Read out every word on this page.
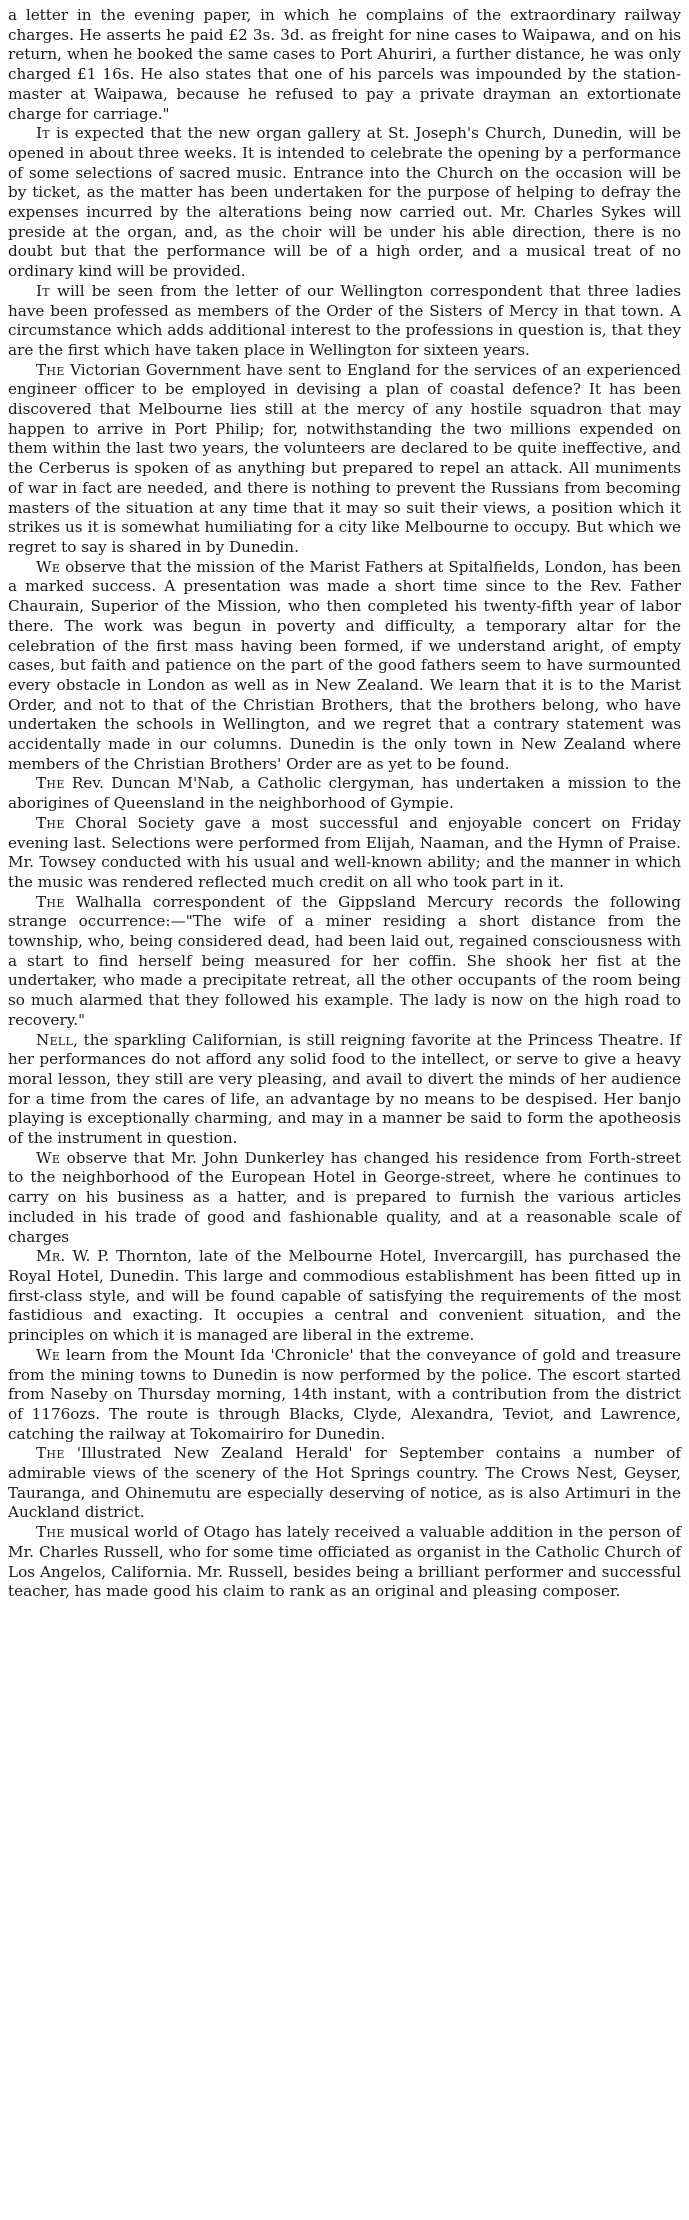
a letter in the evening paper, in which he complains of the extraordinary railway charges. He asserts he paid £2 3s. 3d. as freight for nine cases to Waipawa, and on his return, when he booked the same cases to Port Ahuriri, a further distance, he was only charged £1 16s. He also states that one of his parcels was impounded by the station-master at Waipawa, because he refused to pay a private drayman an extortionate charge for carriage."

It is expected that the new organ gallery at St. Joseph's Church, Dunedin, will be opened in about three weeks. It is intended to celebrate the opening by a performance of some selections of sacred music. Entrance into the Church on the occasion will be by ticket, as the matter has been undertaken for the purpose of helping to defray the expenses incurred by the alterations being now carried out. Mr. Charles Sykes will preside at the organ, and, as the choir will be under his able direction, there is no doubt but that the performance will be of a high order, and a musical treat of no ordinary kind will be provided.

It will be seen from the letter of our Wellington correspondent that three ladies have been professed as members of the Order of the Sisters of Mercy in that town. A circumstance which adds additional interest to the professions in question is, that they are the first which have taken place in Wellington for sixteen years.

The Victorian Government have sent to England for the services of an experienced engineer officer to be employed in devising a plan of coastal defence? It has been discovered that Melbourne lies still at the mercy of any hostile squadron that may happen to arrive in Port Philip; for, notwithstanding the two millions expended on them within the last two years, the volunteers are declared to be quite ineffective, and the Cerberus is spoken of as anything but prepared to repel an attack. All muniments of war in fact are needed, and there is nothing to prevent the Russians from becoming masters of the situation at any time that it may so suit their views, a position which it strikes us it is somewhat humiliating for a city like Melbourne to occupy. But which we regret to say is shared in by Dunedin.

We observe that the mission of the Marist Fathers at Spitalfields, London, has been a marked success. A presentation was made a short time since to the Rev. Father Chaurain, Superior of the Mission, who then completed his twenty-fifth year of labor there. The work was begun in poverty and difficulty, a temporary altar for the celebration of the first mass having been formed, if we understand aright, of empty cases, but faith and patience on the part of the good fathers seem to have surmounted every obstacle in London as well as in New Zealand. We learn that it is to the Marist Order, and not to that of the Christian Brothers, that the brothers belong, who have undertaken the schools in Wellington, and we regret that a contrary statement was accidentally made in our columns. Dunedin is the only town in New Zealand where members of the Christian Brothers' Order are as yet to be found.

The Rev. Duncan M'Nab, a Catholic clergyman, has undertaken a mission to the aborigines of Queensland in the neighborhood of Gympie.

The Choral Society gave a most successful and enjoyable concert on Friday evening last. Selections were performed from Elijah, Naaman, and the Hymn of Praise. Mr. Towsey conducted with his usual and well-known ability; and the manner in which the music was rendered reflected much credit on all who took part in it.

The Walhalla correspondent of the Gippsland Mercury records the following strange occurrence:—"The wife of a miner residing a short distance from the township, who, being considered dead, had been laid out, regained consciousness with a start to find herself being measured for her coffin. She shook her fist at the undertaker, who made a precipitate retreat, all the other occupants of the room being so much alarmed that they followed his example. The lady is now on the high road to recovery."

Nell, the sparkling Californian, is still reigning favorite at the Princess Theatre. If her performances do not afford any solid food to the intellect, or serve to give a heavy moral lesson, they still are very pleasing, and avail to divert the minds of her audience for a time from the cares of life, an advantage by no means to be despised. Her banjo playing is exceptionally charming, and may in a manner be said to form the apotheosis of the instrument in question.

We observe that Mr. John Dunkerley has changed his residence from Forth-street to the neighborhood of the European Hotel in George-street, where he continues to carry on his business as a hatter, and is prepared to furnish the various articles included in his trade of good and fashionable quality, and at a reasonable scale of charges

Mr. W. P. Thornton, late of the Melbourne Hotel, Invercargill, has purchased the Royal Hotel, Dunedin. This large and commodious establishment has been fitted up in first-class style, and will be found capable of satisfying the requirements of the most fastidious and exacting. It occupies a central and convenient situation, and the principles on which it is managed are liberal in the extreme.

We learn from the Mount Ida 'Chronicle' that the conveyance of gold and treasure from the mining towns to Dunedin is now performed by the police. The escort started from Naseby on Thursday morning, 14th instant, with a contribution from the district of 1176ozs. The route is through Blacks, Clyde, Alexandra, Teviot, and Lawrence, catching the railway at Tokomairiro for Dunedin.

The 'Illustrated New Zealand Herald' for September contains a number of admirable views of the scenery of the Hot Springs country. The Crows Nest, Geyser, Tauranga, and Ohinemutu are especially deserving of notice, as is also Artimuri in the Auckland district.

The musical world of Otago has lately received a valuable addition in the person of Mr. Charles Russell, who for some time officiated as organist in the Catholic Church of Los Angelos, California. Mr. Russell, besides being a brilliant performer and successful teacher, has made good his claim to rank as an original and pleasing composer.
